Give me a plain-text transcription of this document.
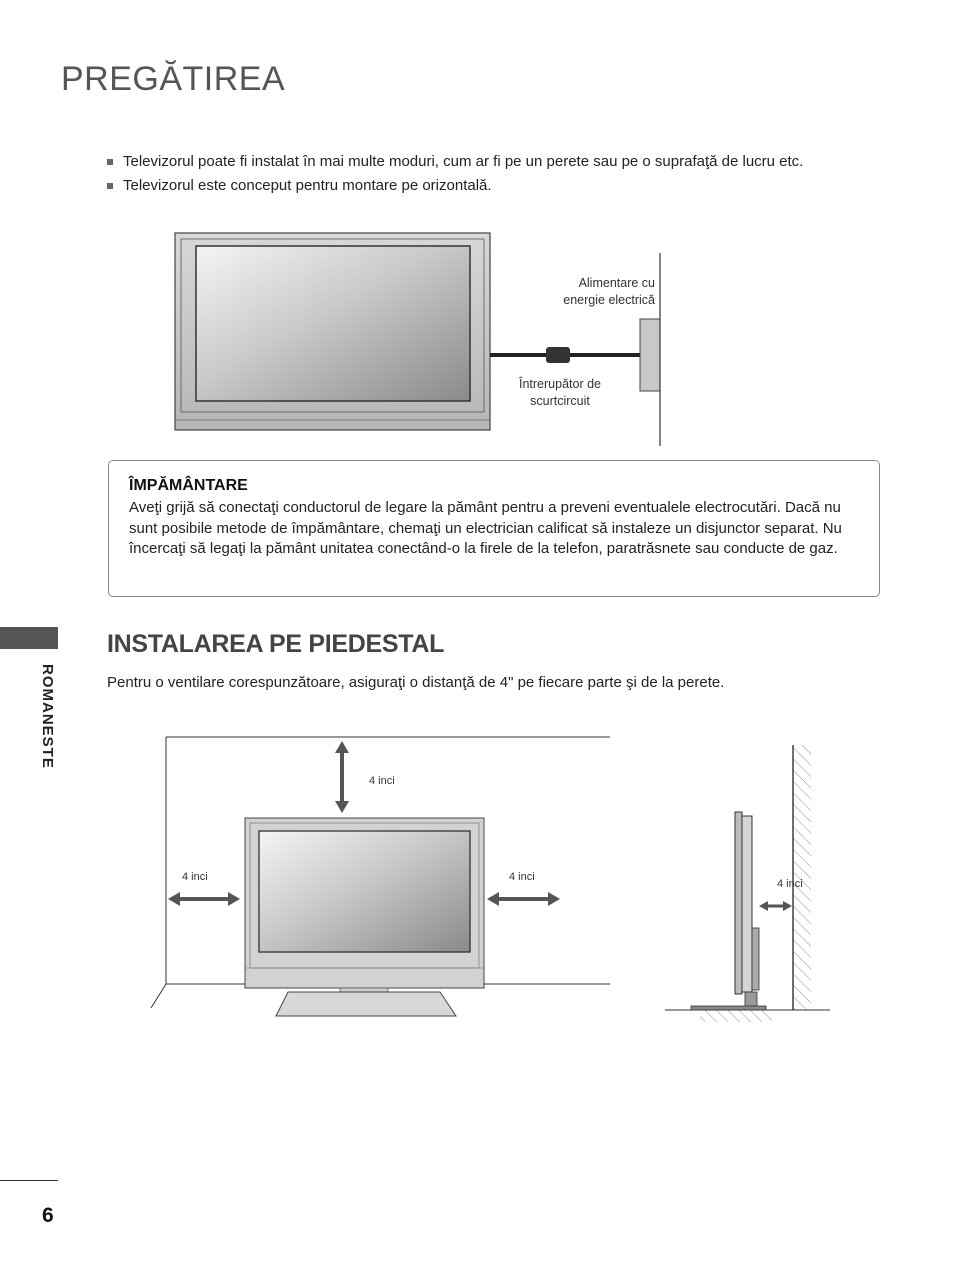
PREGĂTIREA
Televizorul poate fi instalat în mai multe moduri, cum ar fi pe un perete sau pe o suprafaţă de lucru etc.
Televizorul este conceput pentru montare pe orizontală.
Alimentare cu
energie electrică
Întrerupător de
scurtcircuit
4 inci
4 inci	4 inci
4 inci
ÎMPĂMÂNTARE

Aveţi grijă să conectaţi conductorul de legare la pământ pentru a preveni eventualele electrocutări. Dacă nu sunt posibile metode de împământare, chemaţi un electrician calificat să instaleze un disjunctor separat. Nu încercaţi să legaţi la pământ unitatea conectând-o la firele de la telefon, paratrăsnete sau conducte de gaz.

INSTALAREA PE PIEDESTAL
Pentru o ventilare corespunzătoare, asiguraţi o distanţă de 4" pe fiecare parte şi de la perete.
ROMANESTE
6
